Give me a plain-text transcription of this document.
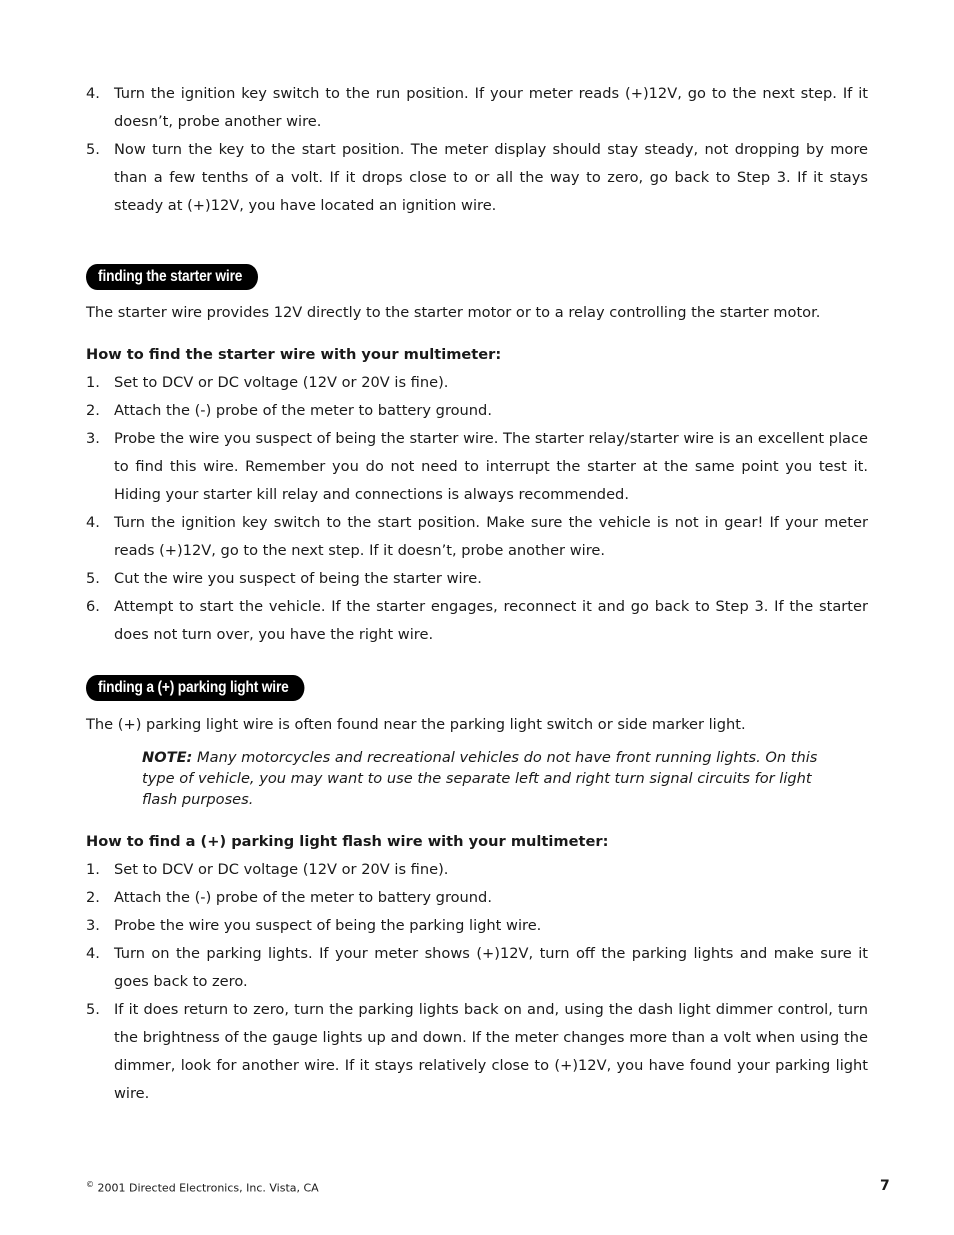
4. Turn the ignition key switch to the run position. If your meter reads (+)12V, go to the next step. If it doesn’t, probe another wire.
5. Now turn the key to the start position. The meter display should stay steady, not dropping by more than a few tenths of a volt. If it drops close to or all the way to zero, go back to Step 3. If it stays steady at (+)12V, you have located an ignition wire.
finding the starter wire

The starter wire provides 12V directly to the starter motor or to a relay controlling the starter motor.

How to find the starter wire with your multimeter:

1. Set to DCV or DC voltage (12V or 20V is fine).
2. Attach the (-) probe of the meter to battery ground.
3. Probe the wire you suspect of being the starter wire. The starter relay/starter wire is an excellent place to find this wire. Remember you do not need to interrupt the starter at the same point you test it. Hiding your starter kill relay and connections is always recommended.
4. Turn the ignition key switch to the start position. Make sure the vehicle is not in gear! If your meter reads (+)12V, go to the next step. If it doesn’t, probe another wire.
5. Cut the wire you suspect of being the starter wire.
6. Attempt to start the vehicle. If the starter engages, reconnect it and go back to Step 3. If the starter does not turn over, you have the right wire.
finding a (+) parking light wire

The (+) parking light wire is often found near the parking light switch or side marker light.

NOTE: Many motorcycles and recreational vehicles do not have front running lights. On this type of vehicle, you may want to use the separate left and right turn signal circuits for light flash purposes.

How to find a (+) parking light flash wire with your multimeter:

1. Set to DCV or DC voltage (12V or 20V is fine).
2. Attach the (-) probe of the meter to battery ground.
3. Probe the wire you suspect of being the parking light wire.
4. Turn on the parking lights. If your meter shows (+)12V, turn off the parking lights and make sure it goes back to zero.
5. If it does return to zero, turn the parking lights back on and, using the dash light dimmer control, turn the brightness of the gauge lights up and down. If the meter changes more than a volt when using the dimmer, look for another wire. If it stays relatively close to (+)12V, you have found your parking light wire.
© 2001 Directed Electronics, Inc. Vista, CA	7
